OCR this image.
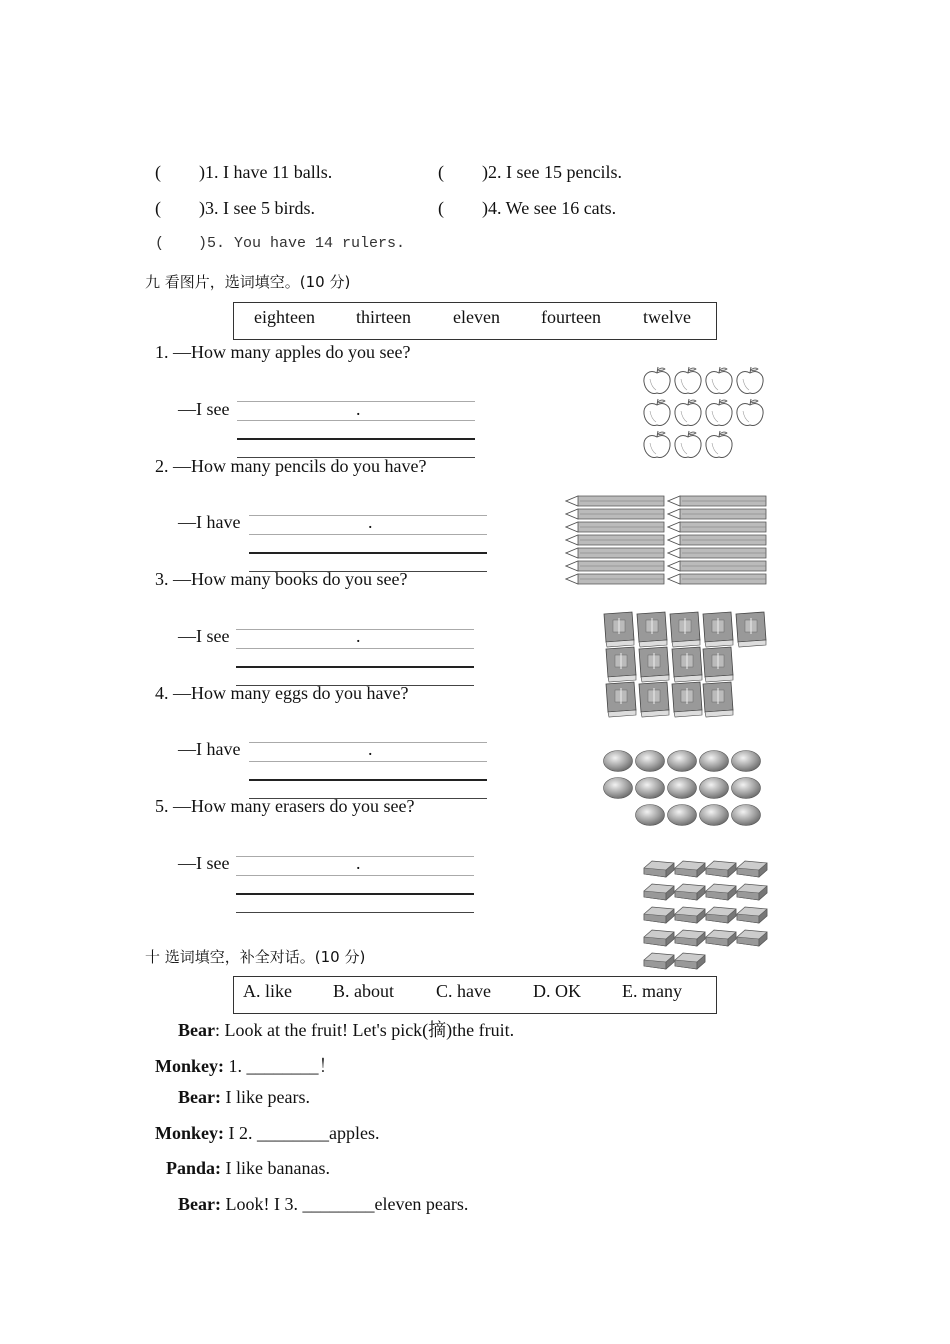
( )1. I have 11 balls.	( )2. I see 15 pencils.
( )3. I see 5 birds.	( )4. We see 16 cats.
( )5. You have 14 rulers.
九 看图片，选词填空。(10 分)
eighteen thirteen eleven fourteen twelve
1. —How many apples do you see?
—I see	.
2. —How many pencils do you have?
—I have	.
3. —How many books do you see?
—I see	.
4. —How many eggs do you have?
—I have	.
5. —How many erasers do you see?
—I see	.
十 选词填空，补全对话。(10 分)
A. like B. about C. have D. OK E. many
Bear: Look at the fruit! Let's pick(摘)the fruit.
Monkey: 1. ________！
Bear: I like pears.
Monkey: I 2. ________apples.
Panda: I like bananas.
Bear: Look! I 3. ________eleven pears.
